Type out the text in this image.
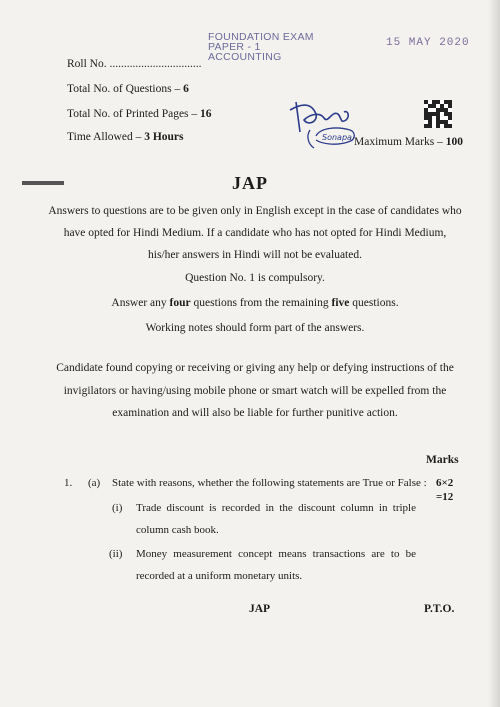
FOUNDATION EXAM
PAPER - 1
ACCOUNTING
15 MAY 2020
Roll No. ................................
Total No. of Questions – 6
Total No. of Printed Pages – 16
Time Allowed – 3 Hours	Sonapa Maximum Marks – 100
JAP
Answers to questions are to be given only in English except in the case of candidates who
have opted for Hindi Medium. If a candidate who has not opted for Hindi Medium,
his/her answers in Hindi will not be evaluated.
Question No. 1 is compulsory.
Answer any four questions from the remaining five questions.
Working notes should form part of the answers.
Candidate found copying or receiving or giving any help or defying instructions of the
invigilators or having/using mobile phone or smart watch will be expelled from the
examination and will also be liable for further punitive action.
Marks
1. (a) State with reasons, whether the following statements are True or False : 6×2
=12
(i) Trade discount is recorded in the discount column in triple
column cash book.
(ii) Money measurement concept means transactions are to be
recorded at a uniform monetary units.
JAP	P.T.O.
